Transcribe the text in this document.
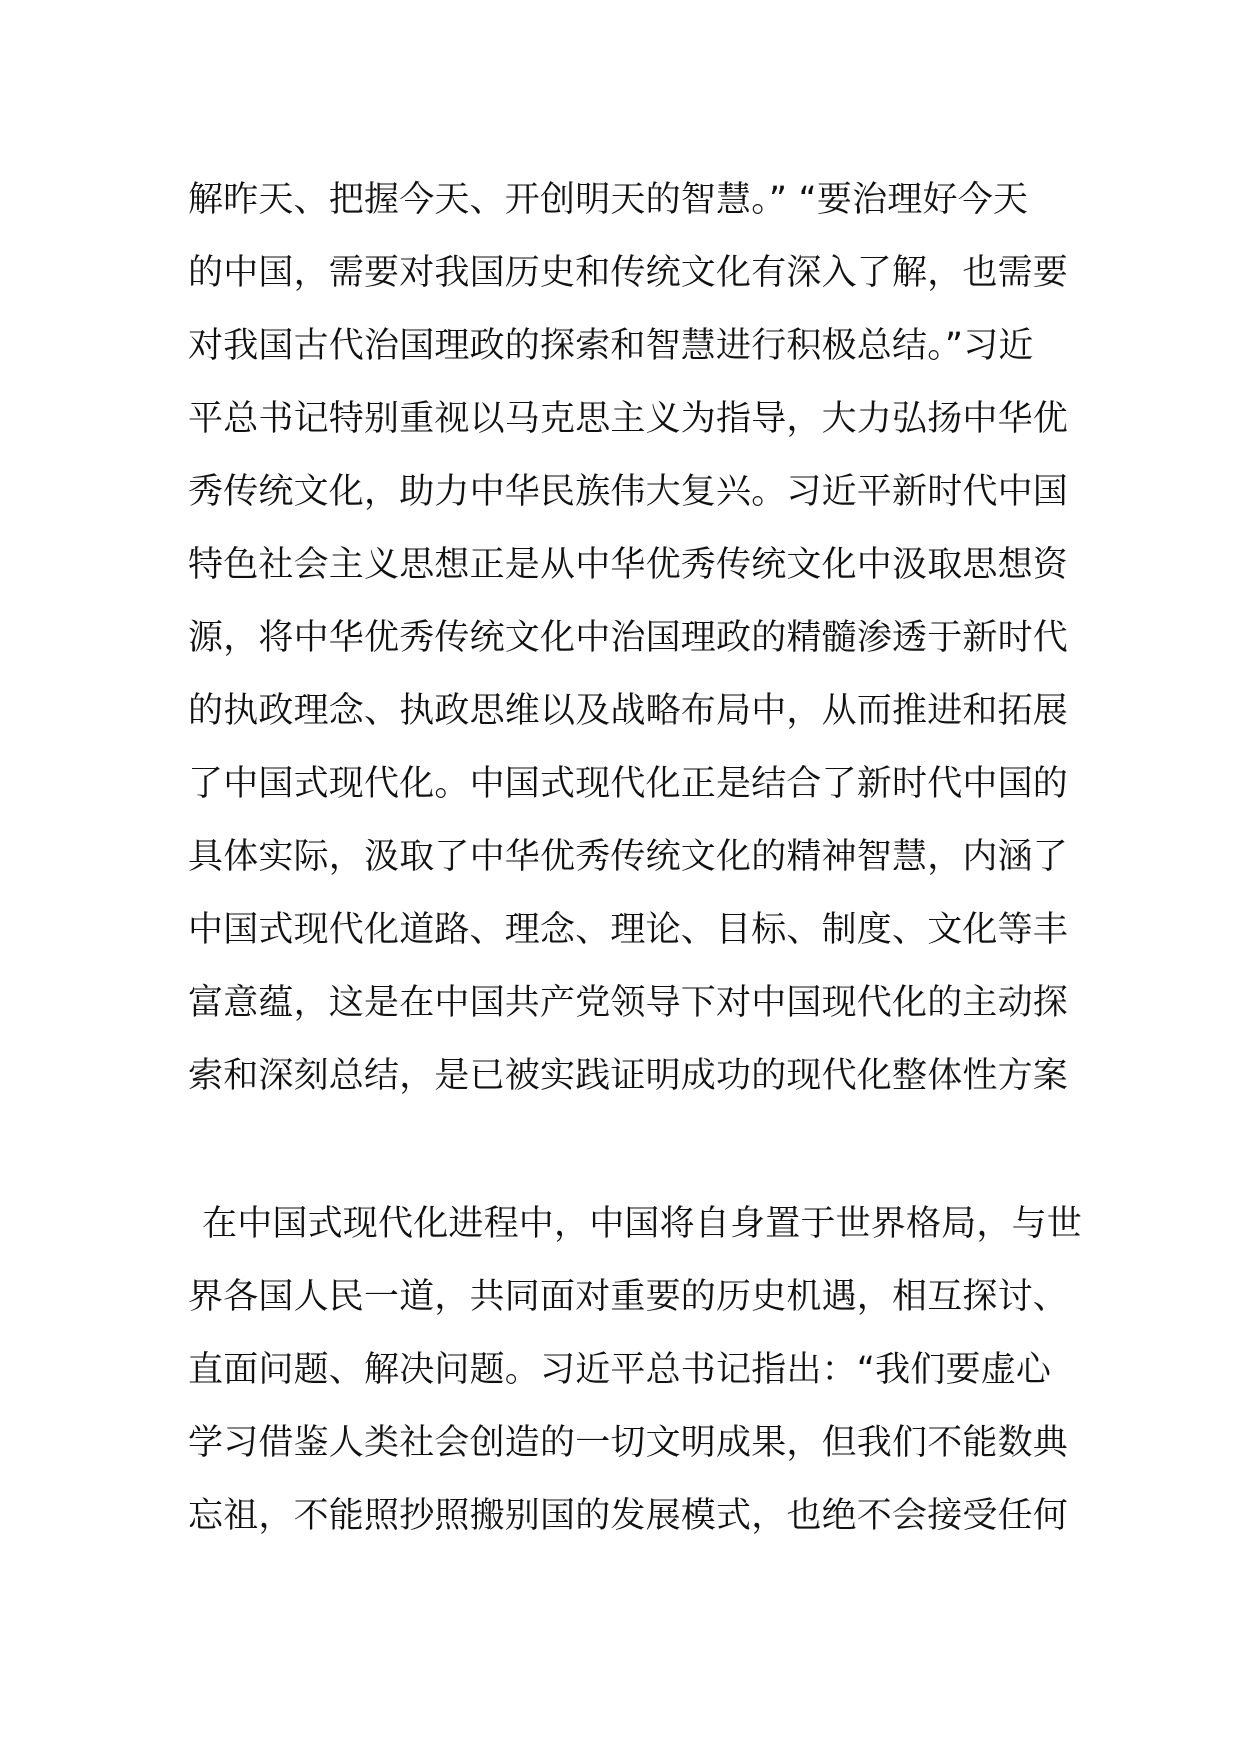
解昨天、把握今天、开创明天的智慧。” “要治理好今天
的中国，需要对我国历史和传统文化有深入了解，也需要
对我国古代治国理政的探索和智慧进行积极总结。”习近
平总书记特别重视以马克思主义为指导，大力弘扬中华优
秀传统文化，助力中华民族伟大复兴。习近平新时代中国
特色社会主义思想正是从中华优秀传统文化中汲取思想资
源，将中华优秀传统文化中治国理政的精髓渗透于新时代
的执政理念、执政思维以及战略布局中，从而推进和拓展
了中国式现代化。中国式现代化正是结合了新时代中国的
具体实际，汲取了中华优秀传统文化的精神智慧，内涵了
中国式现代化道路、理念、理论、目标、制度、文化等丰
富意蕴，这是在中国共产党领导下对中国现代化的主动探
索和深刻总结，是已被实践证明成功的现代化整体性方案
在中国式现代化进程中，中国将自身置于世界格局，与世
界各国人民一道，共同面对重要的历史机遇，相互探讨、
直面问题、解决问题。习近平总书记指出：“我们要虚心
学习借鉴人类社会创造的一切文明成果，但我们不能数典
忘祖，不能照抄照搬别国的发展模式，也绝不会接受任何
